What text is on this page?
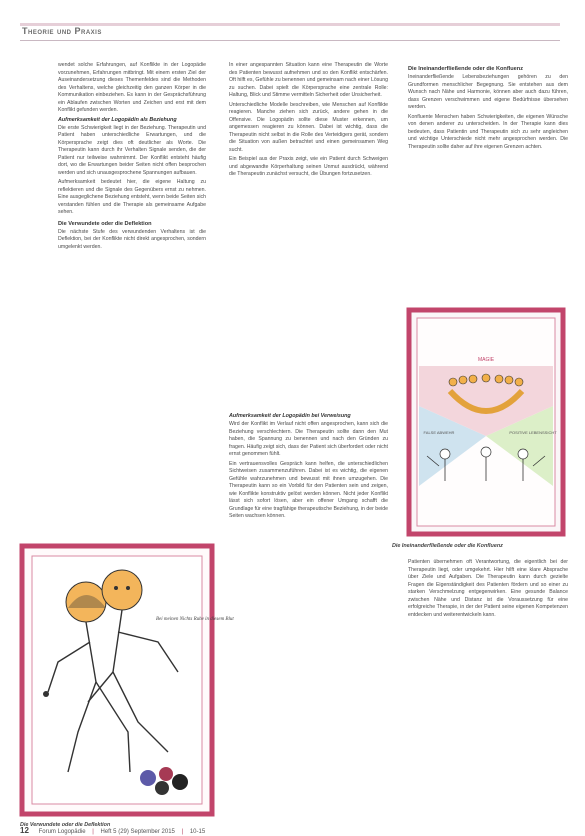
Theorie und Praxis

wendet solche Erfahrungen, auf Konflikte in der Logopädie vorzunehmen, Erfahrungen mitbringt. Mit einem ersten Ziel der Auseinandersetzung dieses Themenfeldes sind die Methoden des Verhaltens, welche gleichzeitig den ganzen Körper in die Kommunikation einbeziehen. Es kann in der Gesprächsführung ein Ablaufen zwischen Worten und Zeichen und erst mit dem Konflikt gefunden werden.

Aufmerksamkeit der Logopädin als Beziehung

Die erste Schwierigkeit liegt in der Beziehung. Therapeutin und Patient haben unterschiedliche Erwartungen, und die Körpersprache zeigt dies oft deutlicher als Worte. Die Therapeutin kann durch ihr Verhalten Signale senden, die der Patient nur teilweise wahrnimmt. Der Konflikt entsteht häufig dort, wo die Erwartungen beider Seiten nicht offen besprochen werden und sich unausgesprochene Spannungen aufbauen.

Aufmerksamkeit bedeutet hier, die eigene Haltung zu reflektieren und die Signale des Gegenübers ernst zu nehmen. Eine ausgeglichene Beziehung entsteht, wenn beide Seiten sich verstanden fühlen und die Therapie als gemeinsame Aufgabe sehen.

Die Verwundete oder die Deflektion

Die nächste Stufe des verwundenden Verhaltens ist die Deflektion, bei der Konflikte nicht direkt angesprochen, sondern umgelenkt werden.

In einer angespannten Situation kann eine Therapeutin die Worte des Patienten bewusst aufnehmen und so den Konflikt entschärfen. Oft hilft es, Gefühle zu benennen und gemeinsam nach einer Lösung zu suchen. Dabei spielt die Körpersprache eine zentrale Rolle: Haltung, Blick und Stimme vermitteln Sicherheit oder Unsicherheit.

Unterschiedliche Modelle beschreiben, wie Menschen auf Konflikte reagieren. Manche ziehen sich zurück, andere gehen in die Offensive. Die Logopädin sollte diese Muster erkennen, um angemessen reagieren zu können. Dabei ist wichtig, dass die Therapeutin nicht selbst in die Rolle des Verteidigers gerät, sondern die Situation von außen betrachtet und einen gemeinsamen Weg sucht.

Ein Beispiel aus der Praxis zeigt, wie ein Patient durch Schweigen und abgewandte Körperhaltung seinen Unmut ausdrückt, während die Therapeutin zunächst versucht, die Übungen fortzusetzen.

Aufmerksamkeit der Logopädin bei Verweisung

Wird der Konflikt im Verlauf nicht offen angesprochen, kann sich die Beziehung verschlechtern. Die Therapeutin sollte dann den Mut haben, die Spannung zu benennen und nach den Gründen zu fragen. Häufig zeigt sich, dass der Patient sich überfordert oder nicht ernst genommen fühlt.

Ein vertrauensvolles Gespräch kann helfen, die unterschiedlichen Sichtweisen zusammenzuführen. Dabei ist es wichtig, die eigenen Gefühle wahrzunehmen und bewusst mit ihnen umzugehen. Die Therapeutin kann so ein Vorbild für den Patienten sein und zeigen, wie Konflikte konstruktiv gelöst werden können. Nicht jeder Konflikt lässt sich sofort lösen, aber ein offener Umgang schafft die Grundlage für eine tragfähige therapeutische Beziehung, in der beide Seiten wachsen können.

Die Ineinanderfließende oder die Konfluenz

Ineinanderfließende Lebensbeziehungen gehören zu den Grundformen menschlicher Begegnung. Sie entstehen aus dem Wunsch nach Nähe und Harmonie, können aber auch dazu führen, dass Grenzen verschwimmen und eigene Bedürfnisse übersehen werden.

Konfluente Menschen haben Schwierigkeiten, die eigenen Wünsche von denen anderer zu unterscheiden. In der Therapie kann dies bedeuten, dass Patientin und Therapeutin sich zu sehr angleichen und wichtige Unterschiede nicht mehr angesprochen werden. Die Therapeutin sollte daher auf ihre eigenen Grenzen achten.

Patienten übernehmen oft Verantwortung, die eigentlich bei der Therapeutin liegt, oder umgekehrt. Hier hilft eine klare Absprache über Ziele und Aufgaben. Die Therapeutin kann durch gezielte Fragen die Eigenständigkeit des Patienten fördern und so einer zu starken Verschmelzung entgegenwirken. Eine gesunde Balance zwischen Nähe und Distanz ist die Voraussetzung für eine erfolgreiche Therapie, in der der Patient seine eigenen Kompetenzen entdecken und weiterentwickeln kann.

MAGIE
FALSE ABWEHR	POSITIVE LEBENSSICHT
Die Ineinanderfließende oder die Konfluenz
Bei meinen Nichts Ruhe in diesem Blut
Die Verwundete oder die Deflektion
12 Forum Logopädie | Heft 5 (29) September 2015 | 10-15
